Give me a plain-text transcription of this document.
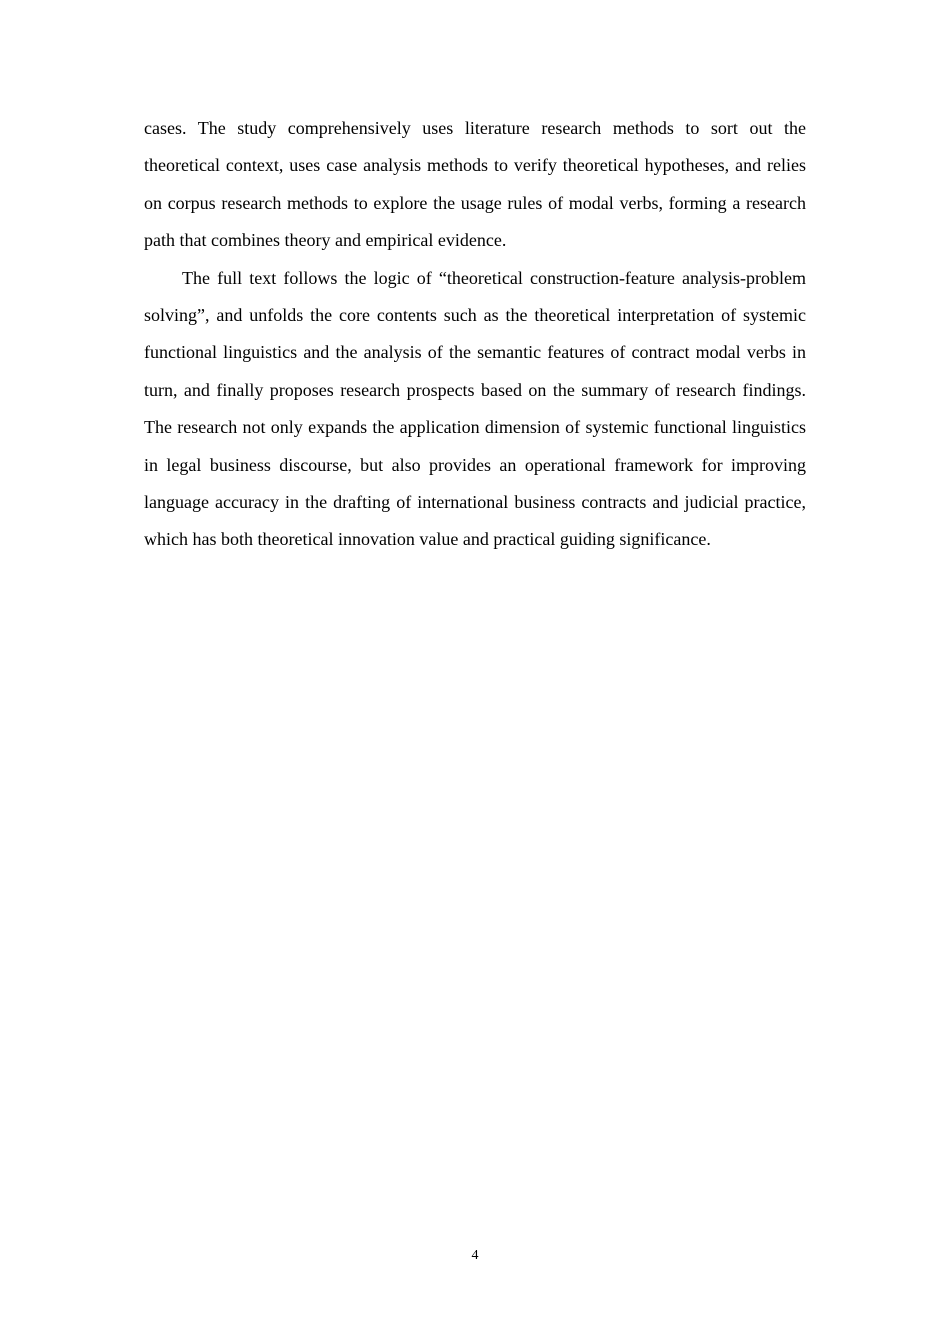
cases. The study comprehensively uses literature research methods to sort out the theoretical context, uses case analysis methods to verify theoretical hypotheses, and relies on corpus research methods to explore the usage rules of modal verbs, forming a research path that combines theory and empirical evidence.

The full text follows the logic of “theoretical construction-feature analysis-problem solving”, and unfolds the core contents such as the theoretical interpretation of systemic functional linguistics and the analysis of the semantic features of contract modal verbs in turn, and finally proposes research prospects based on the summary of research findings. The research not only expands the application dimension of systemic functional linguistics in legal business discourse, but also provides an operational framework for improving language accuracy in the drafting of international business contracts and judicial practice, which has both theoretical innovation value and practical guiding significance.

4
